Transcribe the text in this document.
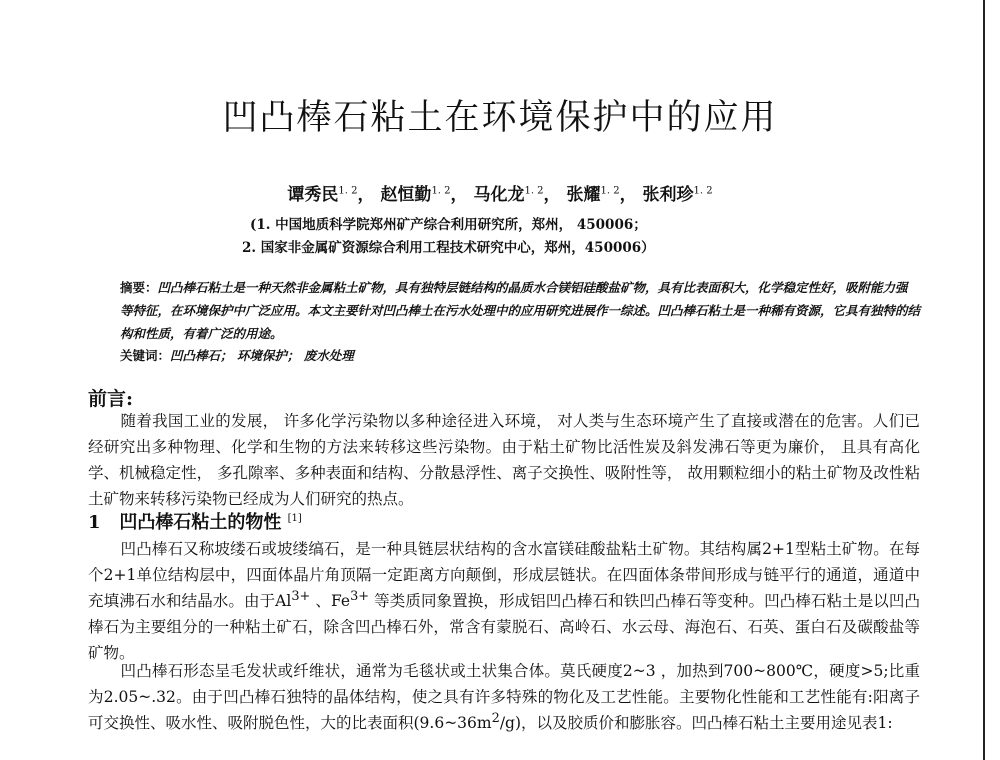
凹凸棒石粘土在环境保护中的应用
谭秀民$^{1. 2}$， 赵恒勤$^{1. 2}$， 马化龙$^{1. 2}$， 张耀$^{1. 2}$， 张利珍$^{1. 2}$
(1. 中国地质科学院郑州矿产综合利用研究所，郑州， 450006；
2. 国家非金属矿资源综合利用工程技术研究中心，郑州，450006）
摘要：凹凸棒石粘土是一种天然非金属粘土矿物，具有独特层链结构的晶质水合镁铝硅酸盐矿物，具有比表面积大，化学稳定性好，吸附能力强等特征，在环境保护中广泛应用。本文主要针对凹凸棒土在污水处理中的应用研究进展作一综述。凹凸棒石粘土是一种稀有资源，它具有独特的结构和性质，有着广泛的用途。
关键词：凹凸棒石； 环境保护； 废水处理
前言:
随着我国工业的发展， 许多化学污染物以多种途径进入环境， 对人类与生态环境产生了直接或潜在的危害。人们已经研究出多种物理、化学和生物的方法来转移这些污染物。由于粘土矿物比活性炭及斜发沸石等更为廉价， 且具有高化学、机械稳定性， 多孔隙率、多种表面和结构、分散悬浮性、离子交换性、吸附性等， 故用颗粒细小的粘土矿物及改性粘土矿物来转移污染物已经成为人们研究的热点。
1 凹凸棒石粘土的物性 [1]
凹凸棒石又称坡缕石或坡缕缟石，是一种具链层状结构的含水富镁硅酸盐粘土矿物。其结构属2+1型粘土矿物。在每个2+1单位结构层中，四面体晶片角顶隔一定距离方向颠倒，形成层链状。在四面体条带间形成与链平行的通道，通道中充填沸石水和结晶水。由于$Al^{3+}$ 、$Fe^{3+}$ 等类质同象置换，形成铝凹凸棒石和铁凹凸棒石等变种。凹凸棒石粘土是以凹凸棒石为主要组分的一种粘土矿石，除含凹凸棒石外，常含有蒙脱石、高岭石、水云母、海泡石、石英、蛋白石及碳酸盐等矿物。
凹凸棒石形态呈毛发状或纤维状，通常为毛毯状或土状集合体。莫氏硬度2~3 ，加热到700~800℃，硬度>5;比重为2.05~.32。由于凹凸棒石独特的晶体结构，使之具有许多特殊的物化及工艺性能。主要物化性能和工艺性能有:阳离子可交换性、吸水性、吸附脱色性，大的比表面积$(9.6\sim 36m^2/g)$，以及胶质价和膨胀容。凹凸棒石粘土主要用途见表1:
